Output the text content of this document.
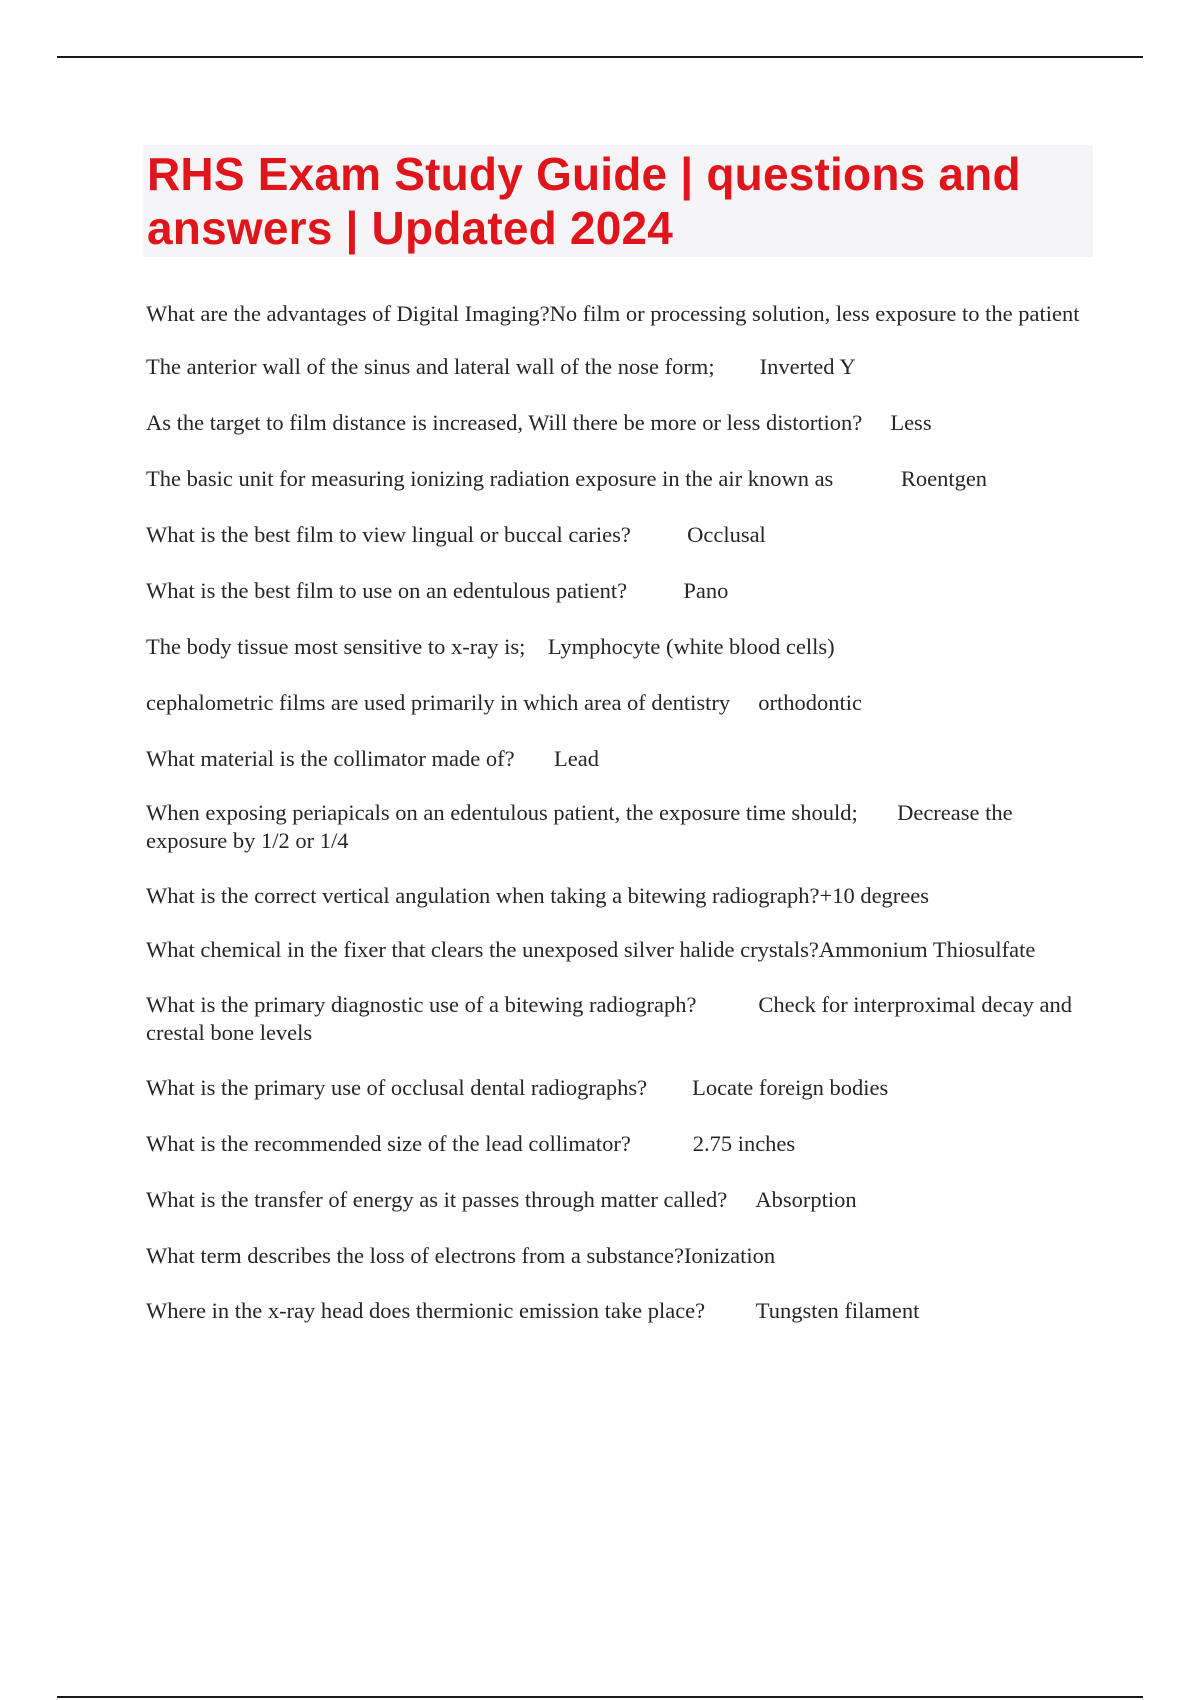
RHS Exam Study Guide | questions and answers | Updated 2024

What are the advantages of Digital Imaging?No film or processing solution, less exposure to the patient

The anterior wall of the sinus and lateral wall of the nose form; Inverted Y

As the target to film distance is increased, Will there be more or less distortion? Less

The basic unit for measuring ionizing radiation exposure in the air known as	Roentgen

What is the best film to view lingual or buccal caries?	Occlusal

What is the best film to use on an edentulous patient?	Pano

The body tissue most sensitive to x-ray is; Lymphocyte (white blood cells)

cephalometric films are used primarily in which area of dentistry orthodontic

What material is the collimator made of? Lead

When exposing periapicals on an edentulous patient, the exposure time should; Decrease the exposure by 1/2 or 1/4

What is the correct vertical angulation when taking a bitewing radiograph?+10 degrees

What chemical in the fixer that clears the unexposed silver halide crystals?Ammonium Thiosulfate

What is the primary diagnostic use of a bitewing radiograph?	Check for interproximal decay and crestal bone levels

What is the primary use of occlusal dental radiographs? Locate foreign bodies

What is the recommended size of the lead collimator?	2.75 inches

What is the transfer of energy as it passes through matter called? Absorption

What term describes the loss of electrons from a substance?Ionization

Where in the x-ray head does thermionic emission take place? Tungsten filament
